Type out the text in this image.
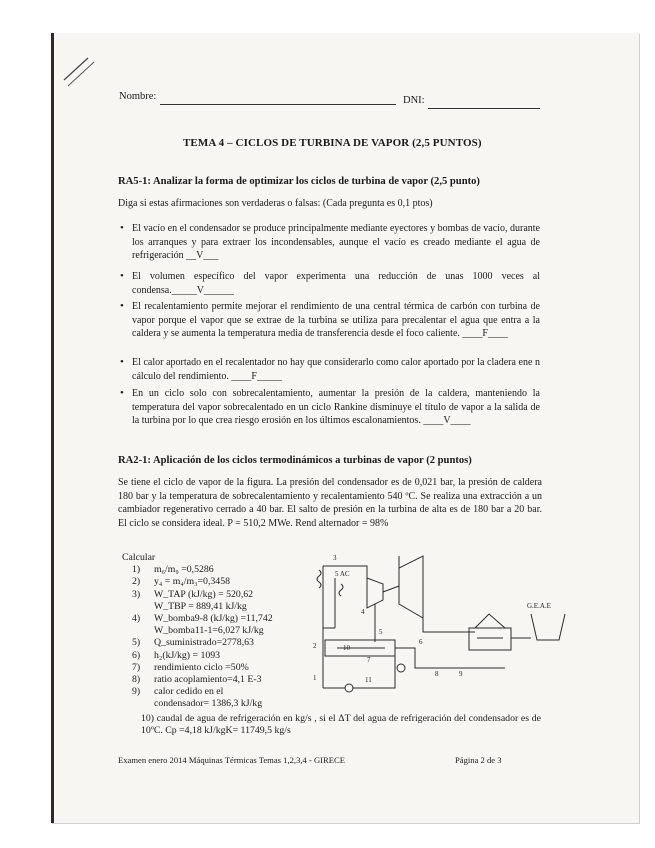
Nombre:	DNI:
TEMA 4 – CICLOS DE TURBINA DE VAPOR (2,5 PUNTOS)
RA5-1: Analizar la forma de optimizar los ciclos de turbina de vapor (2,5 punto)
Diga si estas afirmaciones son verdaderas o falsas: (Cada pregunta es 0,1 ptos)
• El vacío en el condensador se produce principalmente mediante eyectores y bombas de vacío, durante los arranques y para extraer los incondensables, aunque el vacío es creado mediante el agua de refrigeración __V___
• El volumen específico del vapor experimenta una reducción de unas 1000 veces al condensa._____V______
• El recalentamiento permite mejorar el rendimiento de una central térmica de carbón con turbina de vapor porque el vapor que se extrae de la turbina se utiliza para precalentar el agua que entra a la caldera y se aumenta la temperatura media de transferencia desde el foco caliente. ____F____
• El calor aportado en el recalentador no hay que considerarlo como calor aportado por la cladera ene n cálculo del rendimiento. ____F_____
• En un ciclo solo con sobrecalentamiento, aumentar la presión de la caldera, manteniendo la temperatura del vapor sobrecalentado en un ciclo Rankine disminuye el título de vapor a la salida de la turbina por lo que crea riesgo erosión en los últimos escalonamientos. ____V____
RA2-1: Aplicación de los ciclos termodinámicos a turbinas de vapor (2 puntos)
Se tiene el ciclo de vapor de la figura. La presión del condensador es de 0,021 bar, la presión de caldera 180 bar y la temperatura de sobrecalentamiento y recalentamiento 540 ºC. Se realiza una extracción a un cambiador regenerativo cerrado a 40 bar. El salto de presión en la turbina de alta es de 180 bar a 20 bar. El ciclo se considera ideal. P = 510,2 MWe. Rend alternador = 98%
Calcular
1) m₆/m₉ =0,5286
2) y₄ = m₄/m₃=0,3458
3) W_TAP (kJ/kg) = 520,62
W_TBP = 889,41 kJ/kg
4) W_bomba9-8 (kJ/kg) =11,742
W_bomba11-1=6,027 kJ/kg
5) Q_suministrado=2778,63
6) h₂(kJ/kg) = 1093
7) rendimiento ciclo =50%
8) ratio acoplamiento=4,1 E-3
9) calor cedido en el
condensador= 1386,3 kJ/kg
3
4
5
6
2
1
7
8	9
10
11
5 AC
G.E.A.E
10) caudal de agua de refrigeración en kg/s , si el ΔT del agua de refrigeración del condensador es de 10ºC. Cp =4,18 kJ/kgK= 11749,5 kg/s
Examen enero 2014 Máquinas Térmicas Temas 1,2,3,4 - GIRECE	Página 2 de 3
